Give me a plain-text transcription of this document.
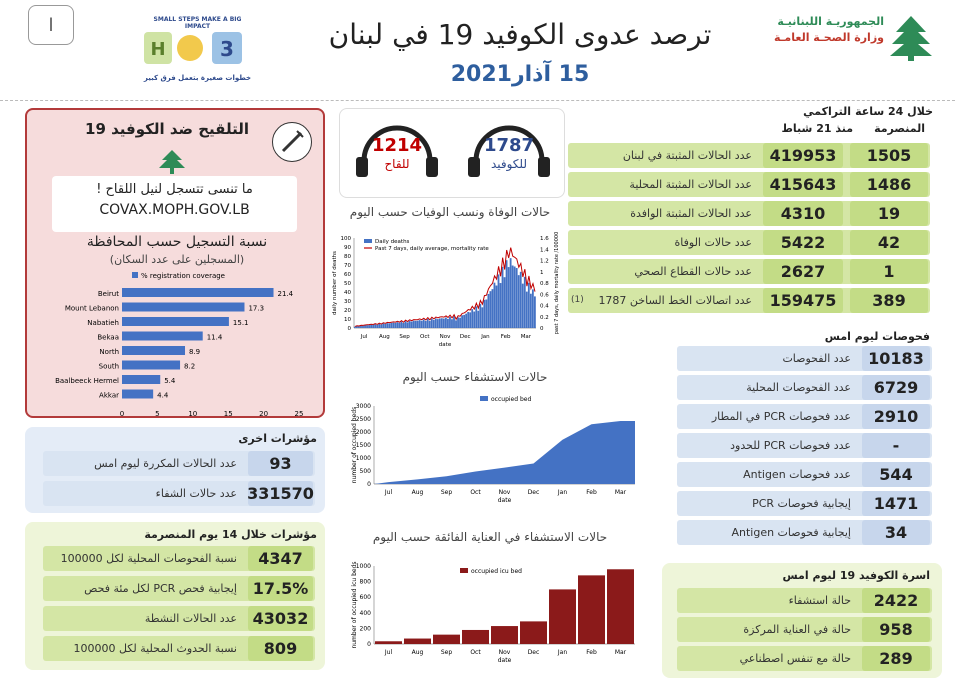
ا
3
H
SMALL STEPS MAKE A BIG IMPACT
خطوات صغيرة بتعمل فرق كبير
ترصد عدوى الكوفيد 19 في لبنان
15 آذار2021
الجمهوريـة اللبنانيـة
وزارة الصحـة العامـة
التلقيح ضد الكوفيد 19
ما تنسى تتسجل لنيل اللقاح !
COVAX.MOPH.GOV.LB
نسبة التسجيل حسب المحافظة
(المسجلين على عدد السكان)
% registration coverage
Beirut	21.4
Mount Lebanon	17.3
Nabatieh	15.1
Bekaa	11.4
North	8.9
South	8.2
Baalbeeck Hermel	5.4
Akkar	4.4
0	5	10	15	20	25
مؤشرات اخرى
عدد الحالات المكررة ليوم امس	93
عدد حالات الشفاء 331570
مؤشرات خلال 14 يوم المنصرمة
نسبة الفحوصات المحلية لكل 100000	4347
إيجابية فحص PCR لكل مئة فحص 17.5%
عدد الحالات النشطة 43032
نسبة الحدوث المحلية لكل 100000	809
1214
للقاح
1787
للكوفيد
حالات الوفاة ونسب الوفيات حسب اليوم
0
10
20
30
40
50
60
70
80
90
100
Jul Aug Sep Oct Nov Dec Jan Feb Mar
date
daily number of deaths
0
0.2
0.4
0.6
0.8
1
1.2
1.4
1.6 past 7 days, daily mortality rate /100000
Daily deaths
Past 7 days, daily average, mortality rate
حالات الاستشفاء حسب اليوم
0
500
1000
1500
2000
2500
3000
Jul	Aug	Sep	Oct	Nov	Dec	Jan	Feb	Mar
date
number of occupied beds
occupied bed
حالات الاستشفاء في العناية الفائقة حسب اليوم
0
200
400
600
800
1000
Jul	Aug	Sep	Oct	Nov	Dec	Jan	Feb	Mar
date
number of occupied icu beds	occupied icu bed
خلال 24 ساعة
التراكمي
المنصرمة
منذ 21 شباط
عدد الحالات المثبتة في لبنان	419953	1505
عدد الحالات المثبتة المحلية	415643	1486
عدد الحالات المثبتة الوافدة	4310	19
عدد حالات الوفاة	5422	42
عدد حالات القطاع الصحي	2627	1
عدد اتصالات الخط الساخن 1787	159475	389
فحوصات ليوم امس
عدد الفحوصات	10183
عدد الفحوصات المحلية	6729
عدد فحوصات PCR في المطار	2910
عدد فحوصات PCR للحدود	-
عدد فحوصات Antigen	544
إيجابية فحوصات PCR	1471
إيجابية فحوصات Antigen	34
اسرة الكوفيد 19 ليوم امس
حالة استشفاء	2422
حالة في العناية المركزة	958
حالة مع تنفس اصطناعي	289
(1)
